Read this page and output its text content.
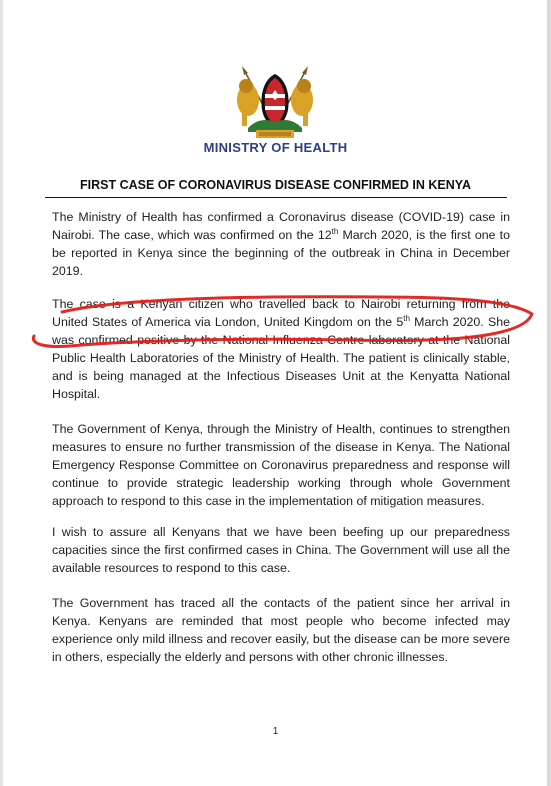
MINISTRY OF HEALTH
FIRST CASE OF CORONAVIRUS DISEASE CONFIRMED IN KENYA

The Ministry of Health has confirmed a Coronavirus disease (COVID-19) case in Nairobi. The case, which was confirmed on the 12th March 2020, is the first one to be reported in Kenya since the beginning of the outbreak in China in December 2019.

The case is a Kenyan citizen who travelled back to Nairobi returning from the United States of America via London, United Kingdom on the 5th March 2020. She was confirmed positive by the National Influenza Centre laboratory at the National Public Health Laboratories of the Ministry of Health. The patient is clinically stable, and is being managed at the Infectious Diseases Unit at the Kenyatta National Hospital.

The Government of Kenya, through the Ministry of Health, continues to strengthen measures to ensure no further transmission of the disease in Kenya. The National Emergency Response Committee on Coronavirus preparedness and response will continue to provide strategic leadership working through whole Government approach to respond to this case in the implementation of mitigation measures.

I wish to assure all Kenyans that we have been beefing up our preparedness capacities since the first confirmed cases in China. The Government will use all the available resources to respond to this case.

The Government has traced all the contacts of the patient since her arrival in Kenya. Kenyans are reminded that most people who become infected may experience only mild illness and recover easily, but the disease can be more severe in others, especially the elderly and persons with other chronic illnesses.

1
